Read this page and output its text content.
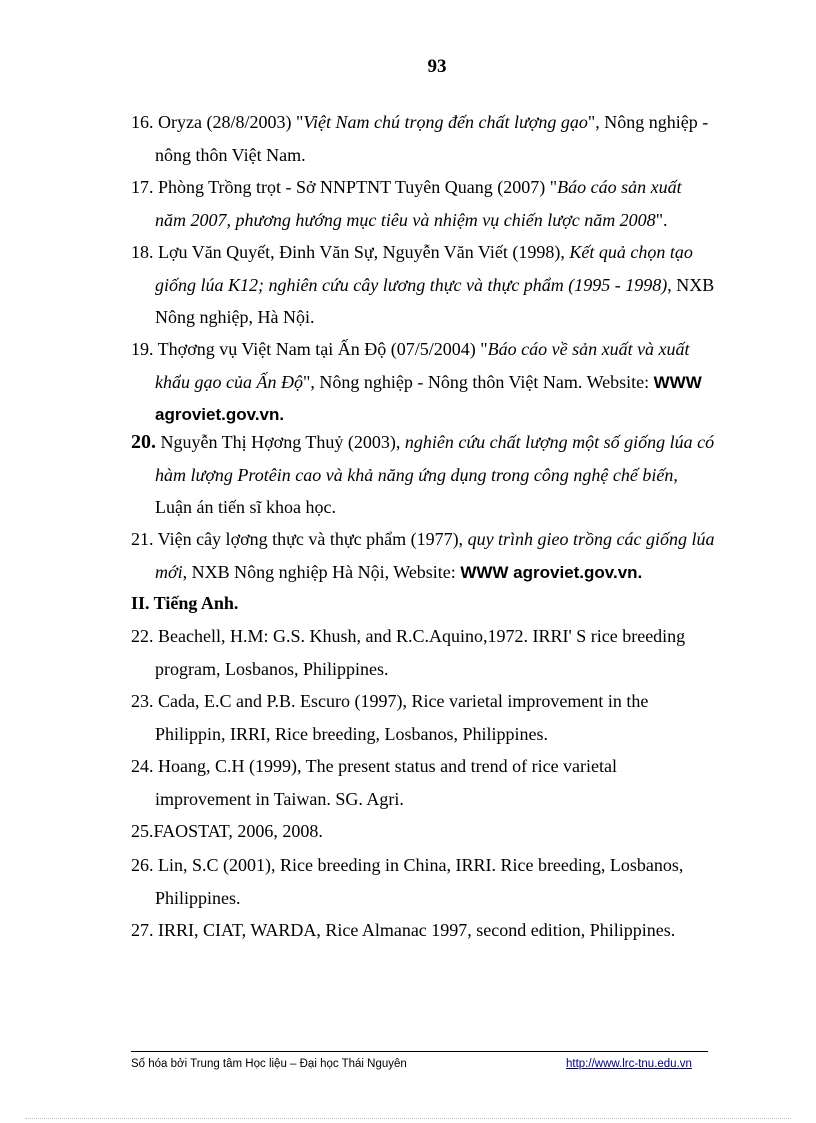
93
16. Oryza (28/8/2003) "Việt Nam chú trọng đến chất lượng gạo", Nông nghiệp -
nông thôn Việt Nam.
17. Phòng Trồng trọt - Sở NNPTNT Tuyên Quang (2007) "Báo cáo sản xuất
năm 2007, phương hướng mục tiêu và nhiệm vụ chiến lược năm 2008".
18. Lợu Văn Quyết, Đinh Văn Sự, Nguyễn Văn Viết (1998), Kết quả chọn tạo
giống lúa K12; nghiên cứu cây lương thực và thực phẩm (1995 - 1998), NXB
Nông nghiệp, Hà Nội.
19. Thợơng vụ Việt Nam tại Ấn Độ (07/5/2004) "Báo cáo về sản xuất và xuất
khẩu gạo của Ấn Độ", Nông nghiệp - Nông thôn Việt Nam. Website: WWW
agroviet.gov.vn.
20. Nguyễn Thị Hợơng Thuỷ (2003), nghiên cứu chất lượng một số giống lúa có
hàm lượng Protêin cao và khả năng ứng dụng trong công nghệ chế biến,
Luận án tiến sĩ khoa học.
21. Viện cây lợơng thực và thực phẩm (1977), quy trình gieo trồng các giống lúa
mới, NXB Nông nghiệp Hà Nội, Website: WWW agroviet.gov.vn.
II. Tiếng Anh.
22. Beachell, H.M: G.S. Khush, and R.C.Aquino,1972. IRRI' S rice breeding
program, Losbanos, Philippines.
23. Cada, E.C and P.B. Escuro (1997), Rice varietal improvement in the
Philippin, IRRI, Rice breeding, Losbanos, Philippines.
24. Hoang, C.H (1999), The present status and trend of rice varietal
improvement in Taiwan. SG. Agri.
25.FAOSTAT, 2006, 2008.
26. Lin, S.C (2001), Rice breeding in China, IRRI. Rice breeding, Losbanos,
Philippines.
27. IRRI, CIAT, WARDA, Rice Almanac 1997, second edition, Philippines.
Số hóa bởi Trung tâm Học liệu – Đại học Thái Nguyên	http://www.lrc-tnu.edu.vn
